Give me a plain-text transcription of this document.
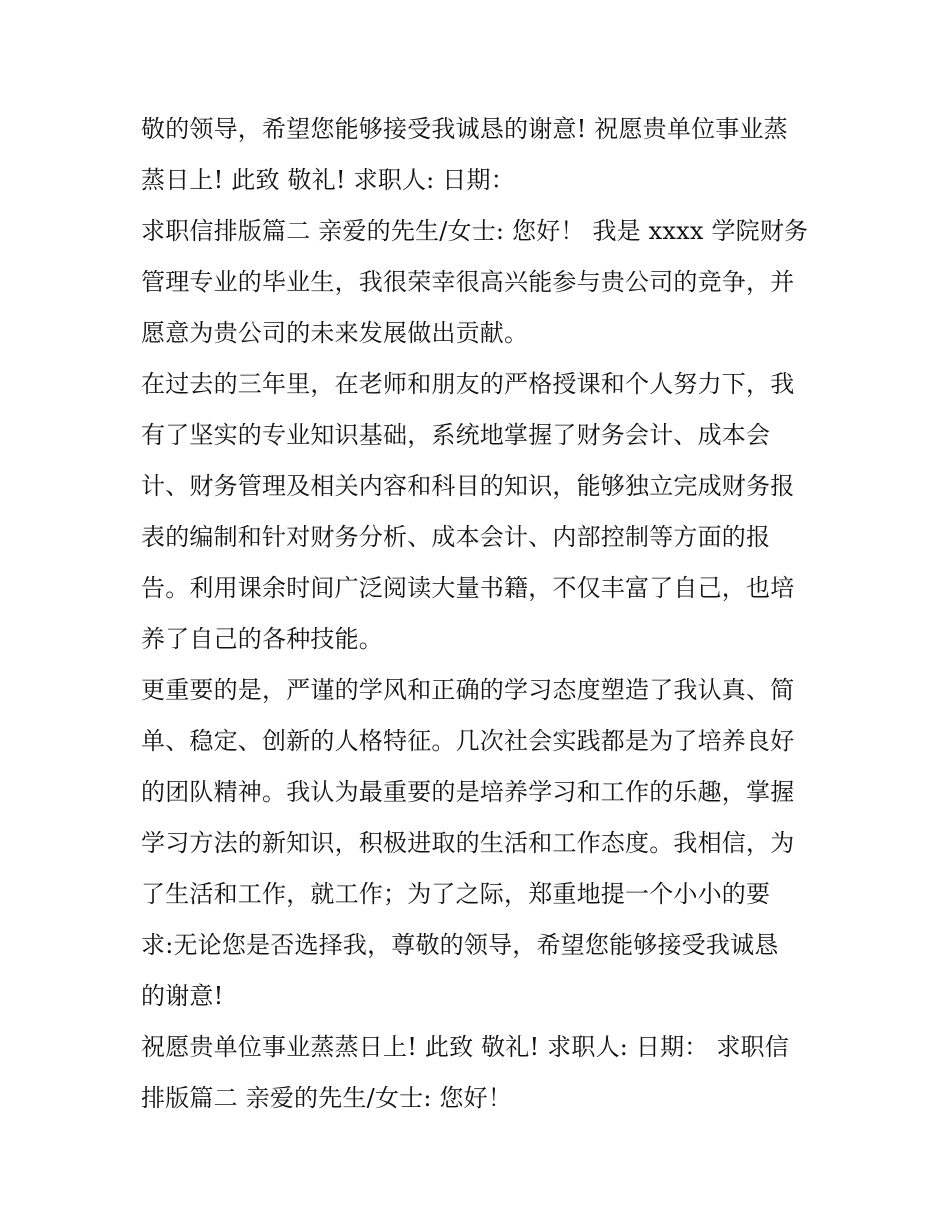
敬的领导，希望您能够接受我诚恳的谢意! 祝愿贵单位事业蒸
蒸日上! 此致 敬礼! 求职人: 日期：
求职信排版篇二 亲爱的先生/女士: 您好！ 我是 xxxx 学院财务
管理专业的毕业生，我很荣幸很高兴能参与贵公司的竞争，并
愿意为贵公司的未来发展做出贡献。
在过去的三年里，在老师和朋友的严格授课和个人努力下，我
有了坚实的专业知识基础，系统地掌握了财务会计、成本会
计、财务管理及相关内容和科目的知识，能够独立完成财务报
表的编制和针对财务分析、成本会计、内部控制等方面的报
告。利用课余时间广泛阅读大量书籍，不仅丰富了自己，也培
养了自己的各种技能。
更重要的是，严谨的学风和正确的学习态度塑造了我认真、简
单、稳定、创新的人格特征。几次社会实践都是为了培养良好
的团队精神。我认为最重要的是培养学习和工作的乐趣，掌握
学习方法的新知识，积极进取的生活和工作态度。我相信，为
了生活和工作，就工作；为了之际，郑重地提一个小小的要
求:无论您是否选择我，尊敬的领导，希望您能够接受我诚恳
的谢意!
祝愿贵单位事业蒸蒸日上! 此致 敬礼! 求职人: 日期： 求职信
排版篇二 亲爱的先生/女士: 您好！
